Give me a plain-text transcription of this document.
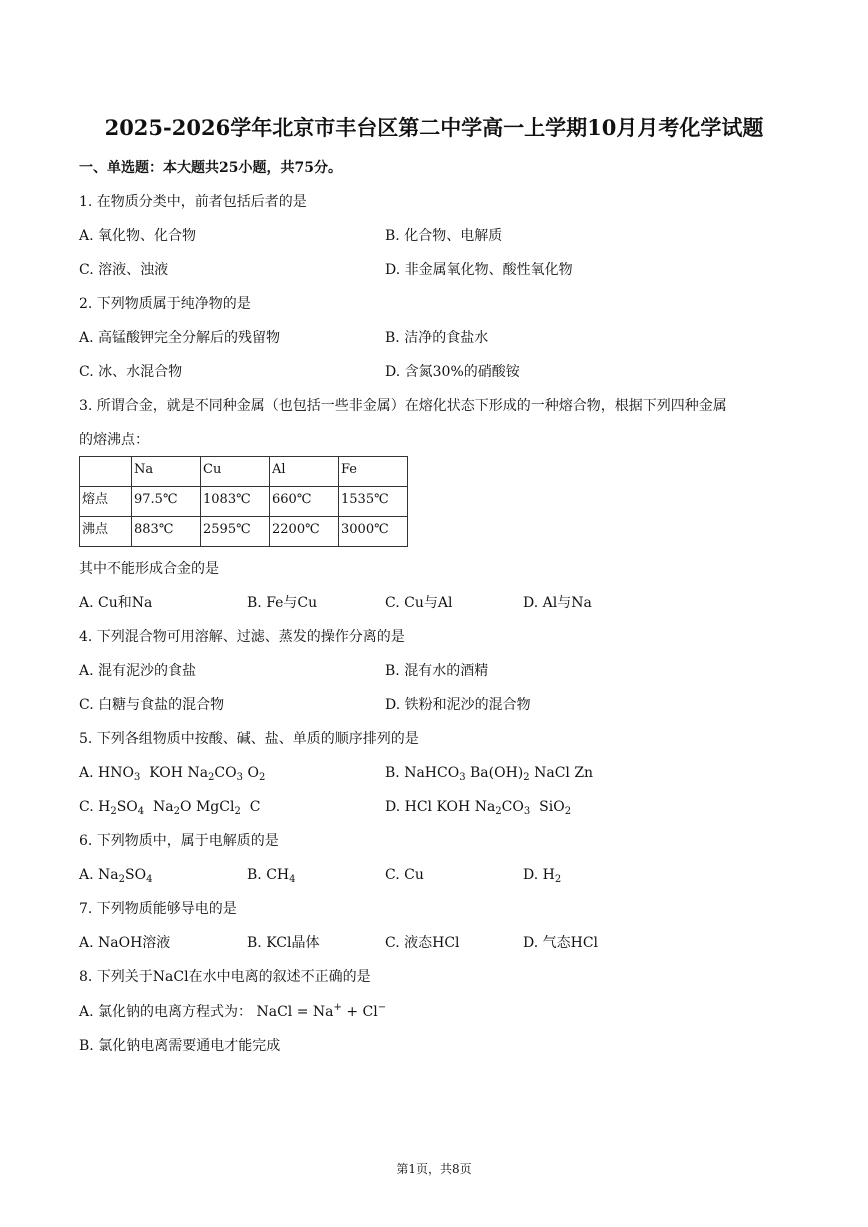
2025-2026学年北京市丰台区第二中学高一上学期10月月考化学试题
一、单选题：本大题共25小题，共75分。
1. 在物质分类中，前者包括后者的是
A. 氧化物、化合物	B. 化合物、电解质
C. 溶液、浊液	D. 非金属氧化物、酸性氧化物
2. 下列物质属于纯净物的是
A. 高锰酸钾完全分解后的残留物	B. 洁净的食盐水
C. 冰、水混合物	D. 含氮30%的硝酸铵
3. 所谓合金，就是不同种金属（也包括一些非金属）在熔化状态下形成的一种熔合物，根据下列四种金属
的熔沸点：
	Na	Cu	Al	Fe
熔点	97.5℃	1083℃	660℃	1535℃
沸点	883℃	2595℃	2200℃	3000℃
其中不能形成合金的是
A. Cu和Na	B. Fe与Cu	C. Cu与Al	D. Al与Na
4. 下列混合物可用溶解、过滤、蒸发的操作分离的是
A. 混有泥沙的食盐	B. 混有水的酒精
C. 白糖与食盐的混合物	D. 铁粉和泥沙的混合物
5. 下列各组物质中按酸、碱、盐、单质的顺序排列的是
A. $HNO_3$  KOH $Na_2CO_3$ $O_2$	B. NaHCO$_3$ $Ba(OH)_2$ NaCl Zn
C. $H_2SO_4$  $Na_2O$ MgCl$_2$  C	D. HCl KOH $Na_2CO_3$  SiO$_2$
6. 下列物质中，属于电解质的是
A. $Na_2SO_4$	B. $CH_4$	C. Cu	D. $H_2$
7. 下列物质能够导电的是
A. NaOH溶液	B. KCl晶体	C. 液态HCl	D. 气态HCl
8. 下列关于NaCl在水中电离的叙述不正确的是
A. 氯化钠的电离方程式为： NaCl = Na+ + Cl−
B. 氯化钠电离需要通电才能完成
第1页，共8页
